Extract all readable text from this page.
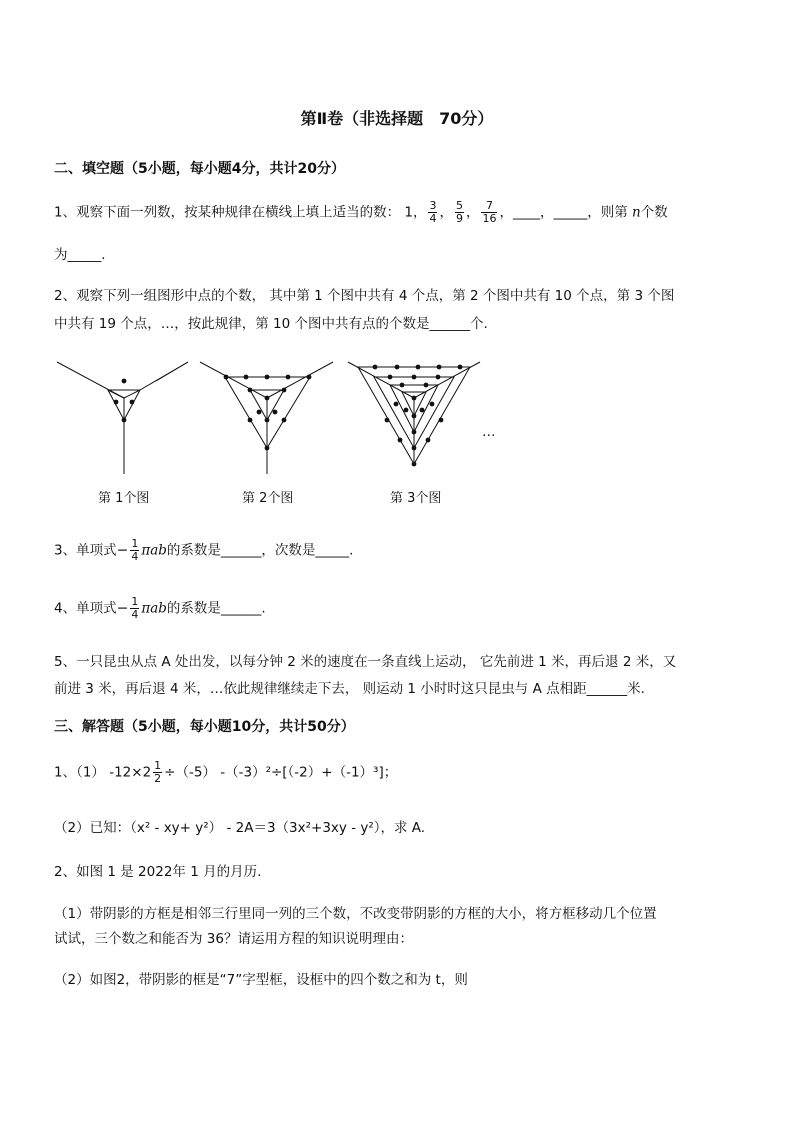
第Ⅱ卷（非选择题　70分）
二、填空题（5小题，每小题4分，共计20分）
1、观察下面一列数，按某种规律在横线上填上适当的数： 1， $\frac{3}{4}$ ， $\frac{5}{9}$ ， $\frac{7}{16}$ ，____，_____，则第 n个数
为_____.
2、观察下列一组图形中点的个数， 其中第 1 个图中共有 4 个点，第 2 个图中共有 10 个点，第 3 个图
中共有 19 个点，…，按此规律，第 10 个图中共有点的个数是______个.
…
第 1个图	第 2个图	第 3个图
3、单项式− $\frac{1}{4}$ πab的系数是______，次数是_____.
4、单项式− $\frac{1}{4}$ πab的系数是______.
5、一只昆虫从点 A 处出发，以每分钟 2 米的速度在一条直线上运动， 它先前进 1 米，再后退 2 米，又
前进 3 米，再后退 4 米，…依此规律继续走下去， 则运动 1 小时时这只昆虫与 A 点相距______米.
三、解答题（5小题，每小题10分，共计50分）
1、（1） $-12\times 2 \frac{1}{2} \div(-5)$ -（-3）²÷[（-2）+（-1）³]；
（2）已知：（x² - xy+ y²） - 2A＝3（3x²+3xy - y²），求 A.
2、如图 1 是 2022年 1 月的月历.
（1）带阴影的方框是相邻三行里同一列的三个数，不改变带阴影的方框的大小，将方框移动几个位置
试试，三个数之和能否为 36？请运用方程的知识说明理由：
（2）如图2，带阴影的框是“7”字型框，设框中的四个数之和为 t，则
